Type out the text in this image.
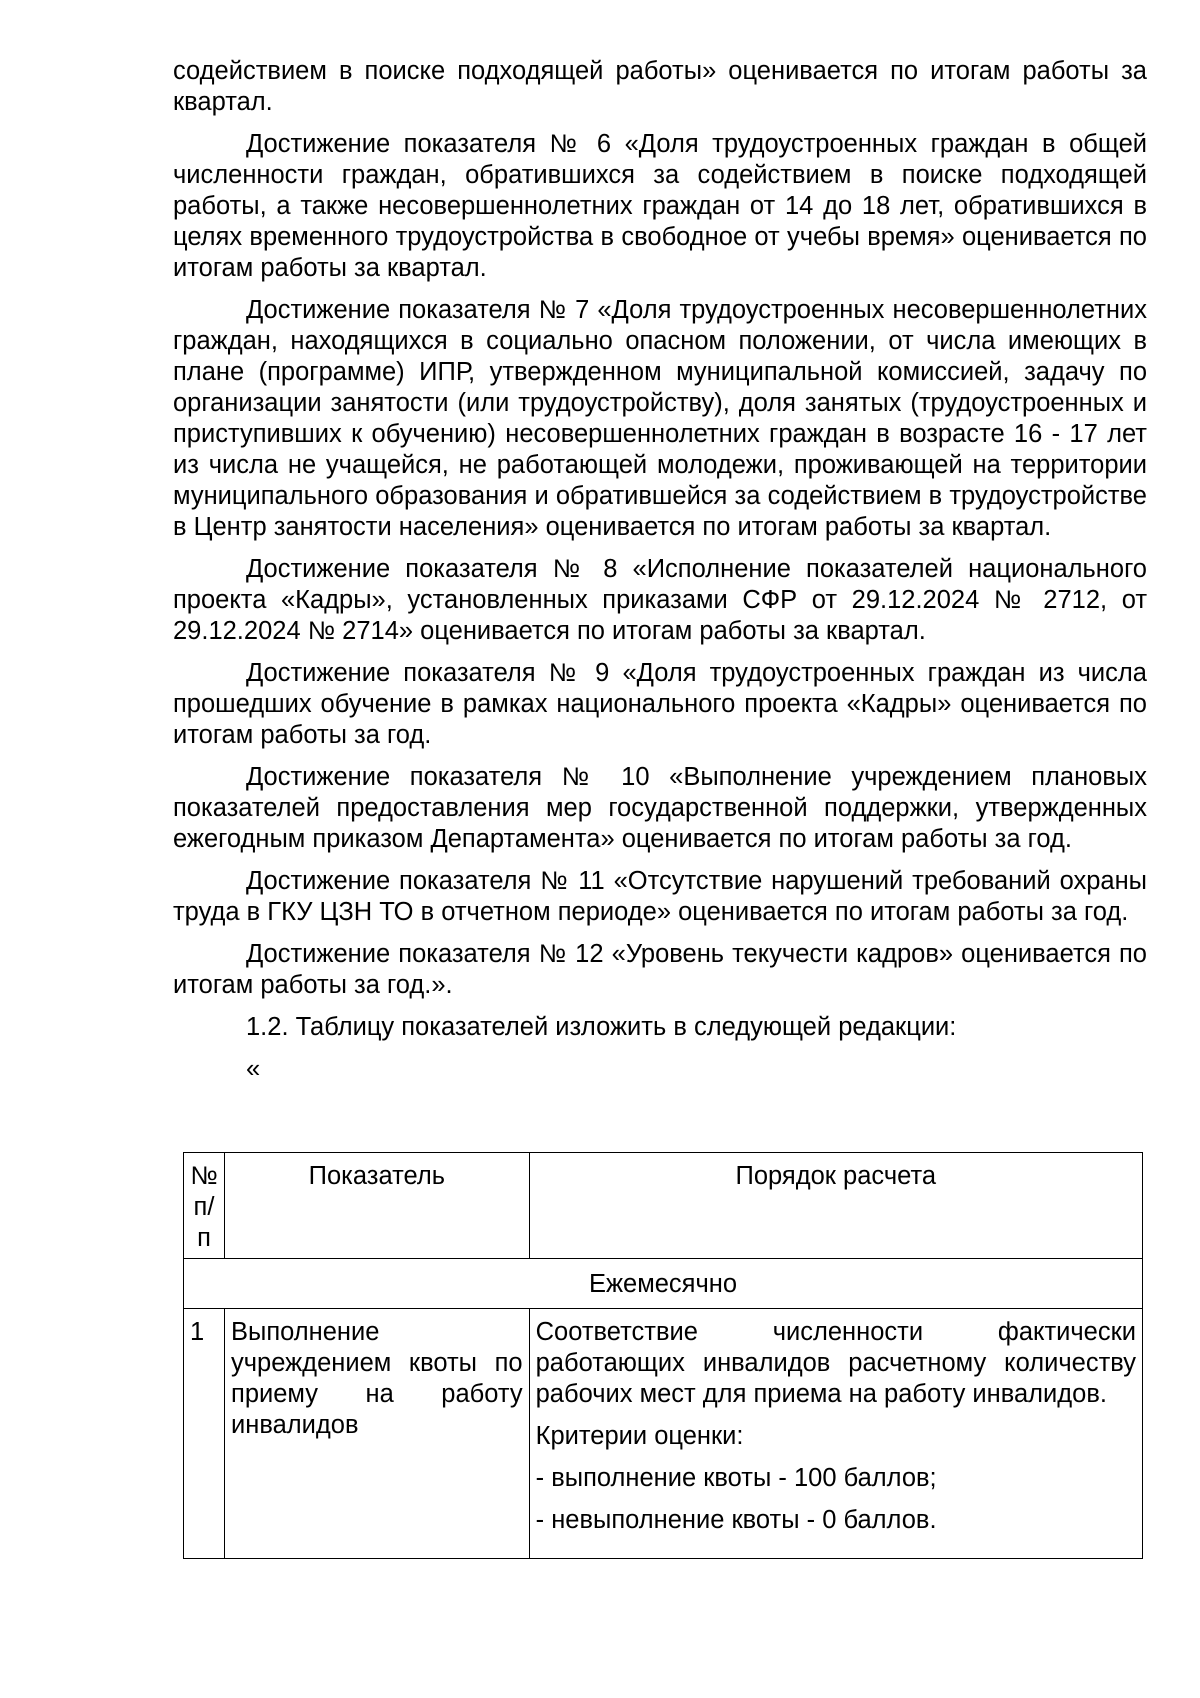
содействием в поиске подходящей работы» оценивается по итогам работы за квартал.

Достижение показателя № 6 «Доля трудоустроенных граждан в общей численности граждан, обратившихся за содействием в поиске подходящей работы, а также несовершеннолетних граждан от 14 до 18 лет, обратившихся в целях временного трудоустройства в свободное от учебы время» оценивается по итогам работы за квартал.

Достижение показателя № 7 «Доля трудоустроенных несовершеннолетних граждан, находящихся в социально опасном положении, от числа имеющих в плане (программе) ИПР, утвержденном муниципальной комиссией, задачу по организации занятости (или трудоустройству), доля занятых (трудоустроенных и приступивших к обучению) несовершеннолетних граждан в возрасте 16 - 17 лет из числа не учащейся, не работающей молодежи, проживающей на территории муниципального образования и обратившейся за содействием в трудоустройстве в Центр занятости населения» оценивается по итогам работы за квартал.

Достижение показателя № 8 «Исполнение показателей национального проекта «Кадры», установленных приказами СФР от 29.12.2024 № 2712, от 29.12.2024 № 2714» оценивается по итогам работы за квартал.

Достижение показателя № 9 «Доля трудоустроенных граждан из числа прошедших обучение в рамках национального проекта «Кадры» оценивается по итогам работы за год.

Достижение показателя № 10 «Выполнение учреждением плановых показателей предоставления мер государственной поддержки, утвержденных ежегодным приказом Департамента» оценивается по итогам работы за год.

Достижение показателя № 11 «Отсутствие нарушений требований охраны труда в ГКУ ЦЗН ТО в отчетном периоде» оценивается по итогам работы за год.

Достижение показателя № 12 «Уровень текучести кадров» оценивается по итогам работы за год.».

1.2. Таблицу показателей изложить в следующей редакции:

«

№ п/п	Показатель	Порядок расчета
Ежемесячно		
1	Выполнение учреждением квоты по приему на работу инвалидов	Соответствие численности фактически работающих инвалидов расчетному количеству рабочих мест для приема на работу инвалидов.

Критерии оценки:

- выполнение квоты - 100 баллов;

- невыполнение квоты - 0 баллов.
